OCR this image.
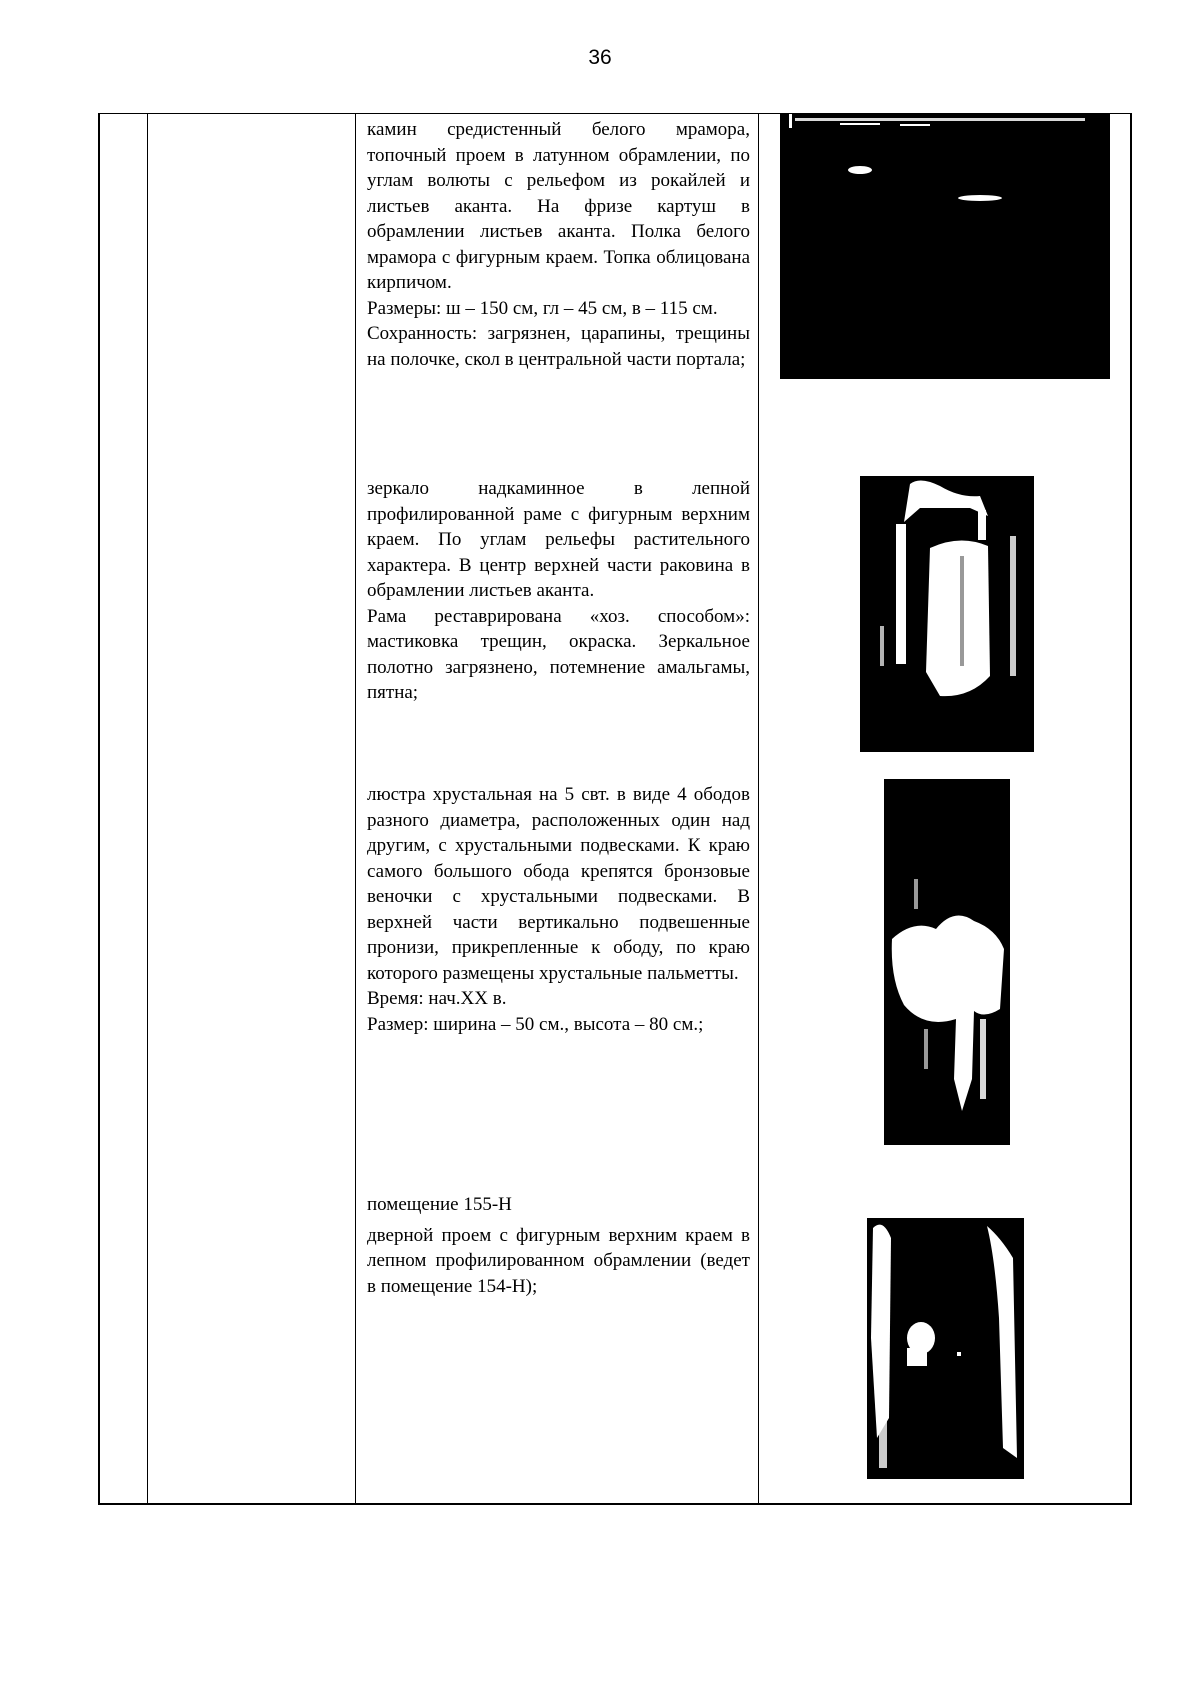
36

камин средистенный белого мрамора, топочный проем в латунном обрамлении, по углам волюты с рельефом из рокайлей и листьев аканта. На фризе картуш в обрамлении листьев аканта. Полка белого мрамора с фигурным краем. Топка облицована кирпичом.

Размеры: ш – 150 см, гл – 45 см, в – 115 см.

Сохранность: загрязнен, царапины, трещины на полочке, скол в центральной части портала;

зеркало надкаминное в лепной профилированной раме с фигурным верхним краем. По углам рельефы растительного характера. В центр верхней части раковина в обрамлении листьев аканта.

Рама реставрирована «хоз. способом»: мастиковка трещин, окраска. Зеркальное полотно загрязнено, потемнение амальгамы, пятна;

люстра хрустальная на 5 свт. в виде 4 ободов разного диаметра, расположенных один над другим, с хрустальными подвесками. К краю самого большого обода крепятся бронзовые веночки с хрустальными подвесками. В верхней части вертикально подвешенные пронизи, прикрепленные к ободу, по краю которого размещены хрустальные пальметты.

Время: нач.XX в.

Размер: ширина – 50 см., высота – 80 см.;

помещение 155-Н

дверной проем с фигурным верхним краем в лепном профилированном обрамлении (ведет в помещение 154-Н);
